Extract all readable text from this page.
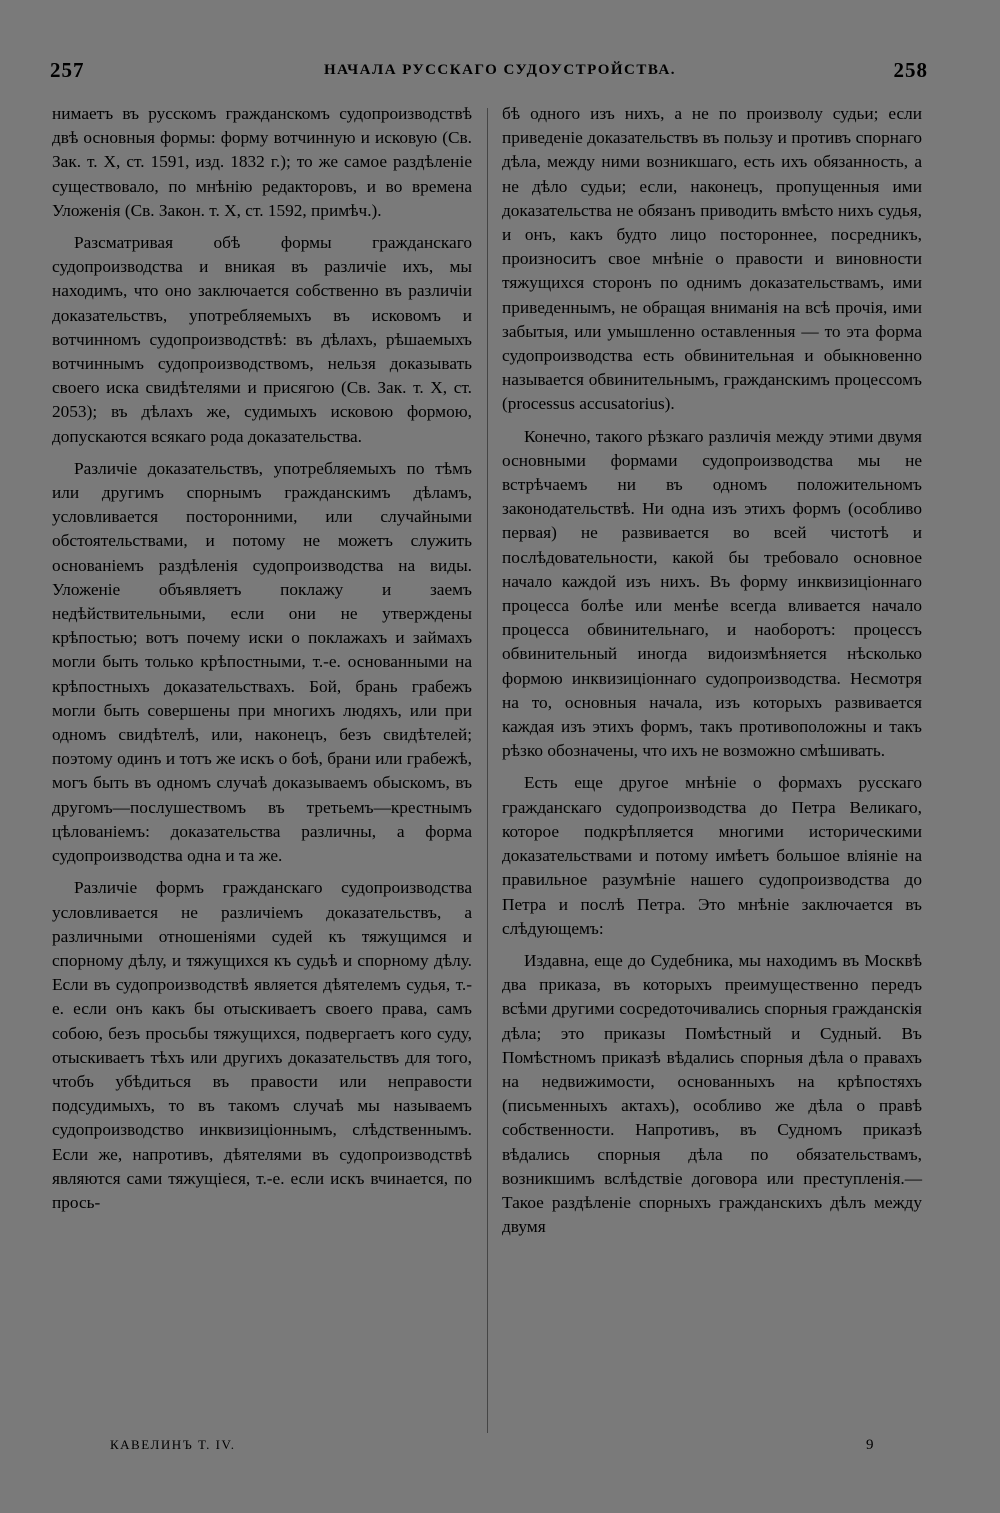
257	НАЧАЛА РУССКАГО СУДОУСТРОЙСТВА.	258

нимаетъ въ русскомъ гражданскомъ судопроизводствѣ двѣ основныя формы: форму вотчинную и исковую (Св. Зак. т. X, ст. 1591, изд. 1832 г.); то же самое раздѣленіе существовало, по мнѣнію редакторовъ, и во времена Уложенія (Св. Закон. т. X, ст. 1592, примѣч.).

Разсматривая обѣ формы гражданскаго судопроизводства и вникая въ различіе ихъ, мы находимъ, что оно заключается собственно въ различіи доказательствъ, употребляемыхъ въ исковомъ и вотчинномъ судопроизводствѣ: въ дѣлахъ, рѣшаемыхъ вотчиннымъ судопроизводствомъ, нельзя доказывать своего иска свидѣтелями и присягою (Св. Зак. т. X, ст. 2053); въ дѣлахъ же, судимыхъ исковою формою, допускаются всякаго рода доказательства.

Различіе доказательствъ, употребляемыхъ по тѣмъ или другимъ спорнымъ гражданскимъ дѣламъ, условливается посторонними, или случайными обстоятельствами, и потому не можетъ служить основаніемъ раздѣленія судопроизводства на виды. Уложеніе объявляетъ поклажу и заемъ недѣйствительными, если они не утверждены крѣпостью; вотъ почему иски о поклажахъ и займахъ могли быть только крѣпостными, т.-е. основанными на крѣпостныхъ доказательствахъ. Бой, брань грабежъ могли быть совершены при многихъ людяхъ, или при одномъ свидѣтелѣ, или, наконецъ, безъ свидѣтелей; поэтому одинъ и тотъ же искъ о боѣ, брани или грабежѣ, могъ быть въ одномъ случаѣ доказываемъ обыскомъ, въ другомъ—послушествомъ въ третьемъ—крестнымъ цѣлованіемъ: доказательства различны, а форма судопроизводства одна и та же.

Различіе формъ гражданскаго судопроизводства условливается не различіемъ доказательствъ, а различными отношеніями судей къ тяжущимся и спорному дѣлу, и тяжущихся къ судьѣ и спорному дѣлу. Если въ судопроизводствѣ является дѣятелемъ судья, т.-е. если онъ какъ бы отыскиваетъ своего права, самъ собою, безъ просьбы тяжущихся, подвергаетъ кого суду, отыскиваетъ тѣхъ или другихъ доказательствъ для того, чтобъ убѣдиться въ правости или неправости подсудимыхъ, то въ такомъ случаѣ мы называемъ судопроизводство инквизиціоннымъ, слѣдственнымъ. Если же, напротивъ, дѣятелями въ судопроизводствѣ являются сами тяжущіеся, т.-е. если искъ вчинается, по прось-

бѣ одного изъ нихъ, а не по произволу судьи; если приведеніе доказательствъ въ пользу и противъ спорнаго дѣла, между ними возникшаго, есть ихъ обязанность, а не дѣло судьи; если, наконецъ, пропущенныя ими доказательства не обязанъ приводить вмѣсто нихъ судья, и онъ, какъ будто лицо постороннее, посредникъ, произноситъ свое мнѣніе о правости и виновности тяжущихся сторонъ по однимъ доказательствамъ, ими приведеннымъ, не обращая вниманія на всѣ прочія, ими забытыя, или умышленно оставленныя — то эта форма судопроизводства есть обвинительная и обыкновенно называется обвинительнымъ, гражданскимъ процессомъ (processus accusatorius).

Конечно, такого рѣзкаго различія между этими двумя основными формами судопроизводства мы не встрѣчаемъ ни въ одномъ положительномъ законодательствѣ. Ни одна изъ этихъ формъ (особливо первая) не развивается во всей чистотѣ и послѣдовательности, какой бы требовало основное начало каждой изъ нихъ. Въ форму инквизиціоннаго процесса болѣе или менѣе всегда вливается начало процесса обвинительнаго, и наоборотъ: процессъ обвинительный иногда видоизмѣняется нѣсколько формою инквизиціоннаго судопроизводства. Несмотря на то, основныя начала, изъ которыхъ развивается каждая изъ этихъ формъ, такъ противоположны и такъ рѣзко обозначены, что ихъ не возможно смѣшивать.

Есть еще другое мнѣніе о формахъ русскаго гражданскаго судопроизводства до Петра Великаго, которое подкрѣпляется многими историческими доказательствами и потому имѣетъ большое вліяніе на правильное разумѣніе нашего судопроизводства до Петра и послѣ Петра. Это мнѣніе заключается въ слѣдующемъ:

Издавна, еще до Судебника, мы находимъ въ Москвѣ два приказа, въ которыхъ преимущественно передъ всѣми другими сосредоточивались спорныя гражданскія дѣла; это приказы Помѣстный и Судный. Въ Помѣстномъ приказѣ вѣдались спорныя дѣла о правахъ на недвижимости, основанныхъ на крѣпостяхъ (письменныхъ актахъ), особливо же дѣла о правѣ собственности. Напротивъ, въ Судномъ приказѣ вѣдались спорныя дѣла по обязательствамъ, возникшимъ вслѣдствіе договора или преступленія.—Такое раздѣленіе спорныхъ гражданскихъ дѣлъ между двумя

КАВЕЛИНЪ Т. IV.	9
